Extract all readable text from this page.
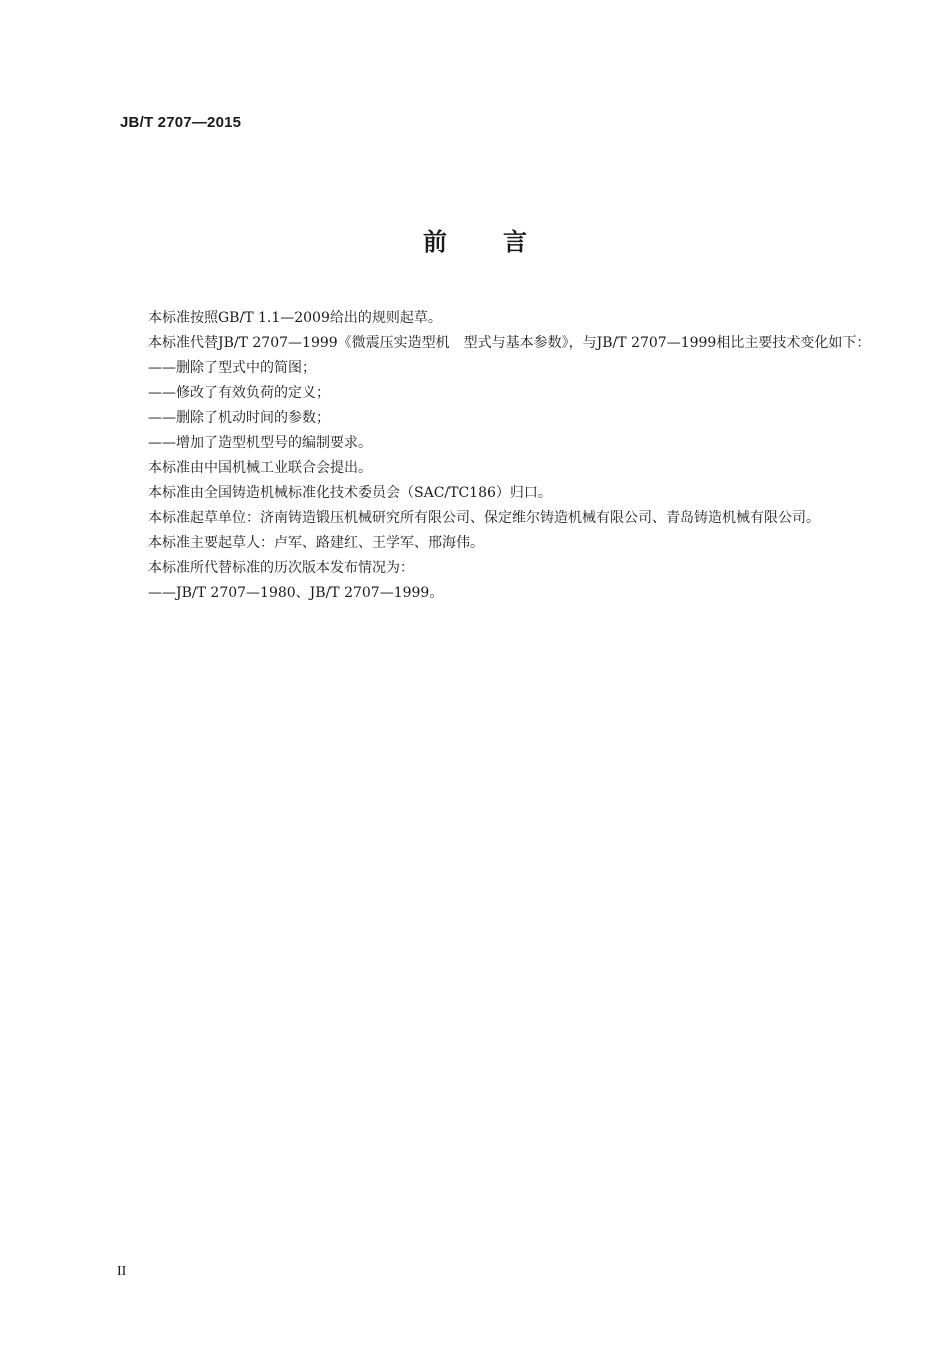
JB/T 2707—2015
前言

本标准按照GB/T 1.1—2009给出的规则起草。

本标准代替JB/T 2707—1999《微震压实造型机　型式与基本参数》，与JB/T 2707—1999相比主要技术变化如下：

——删除了型式中的简图；

——修改了有效负荷的定义；

——删除了机动时间的参数；

——增加了造型机型号的编制要求。

本标准由中国机械工业联合会提出。

本标准由全国铸造机械标准化技术委员会（SAC/TC186）归口。

本标准起草单位：济南铸造锻压机械研究所有限公司、保定维尔铸造机械有限公司、青岛铸造机械有限公司。

本标准主要起草人：卢军、路建红、王学军、邢海伟。

本标准所代替标准的历次版本发布情况为：

——JB/T 2707—1980、JB/T 2707—1999。

II
